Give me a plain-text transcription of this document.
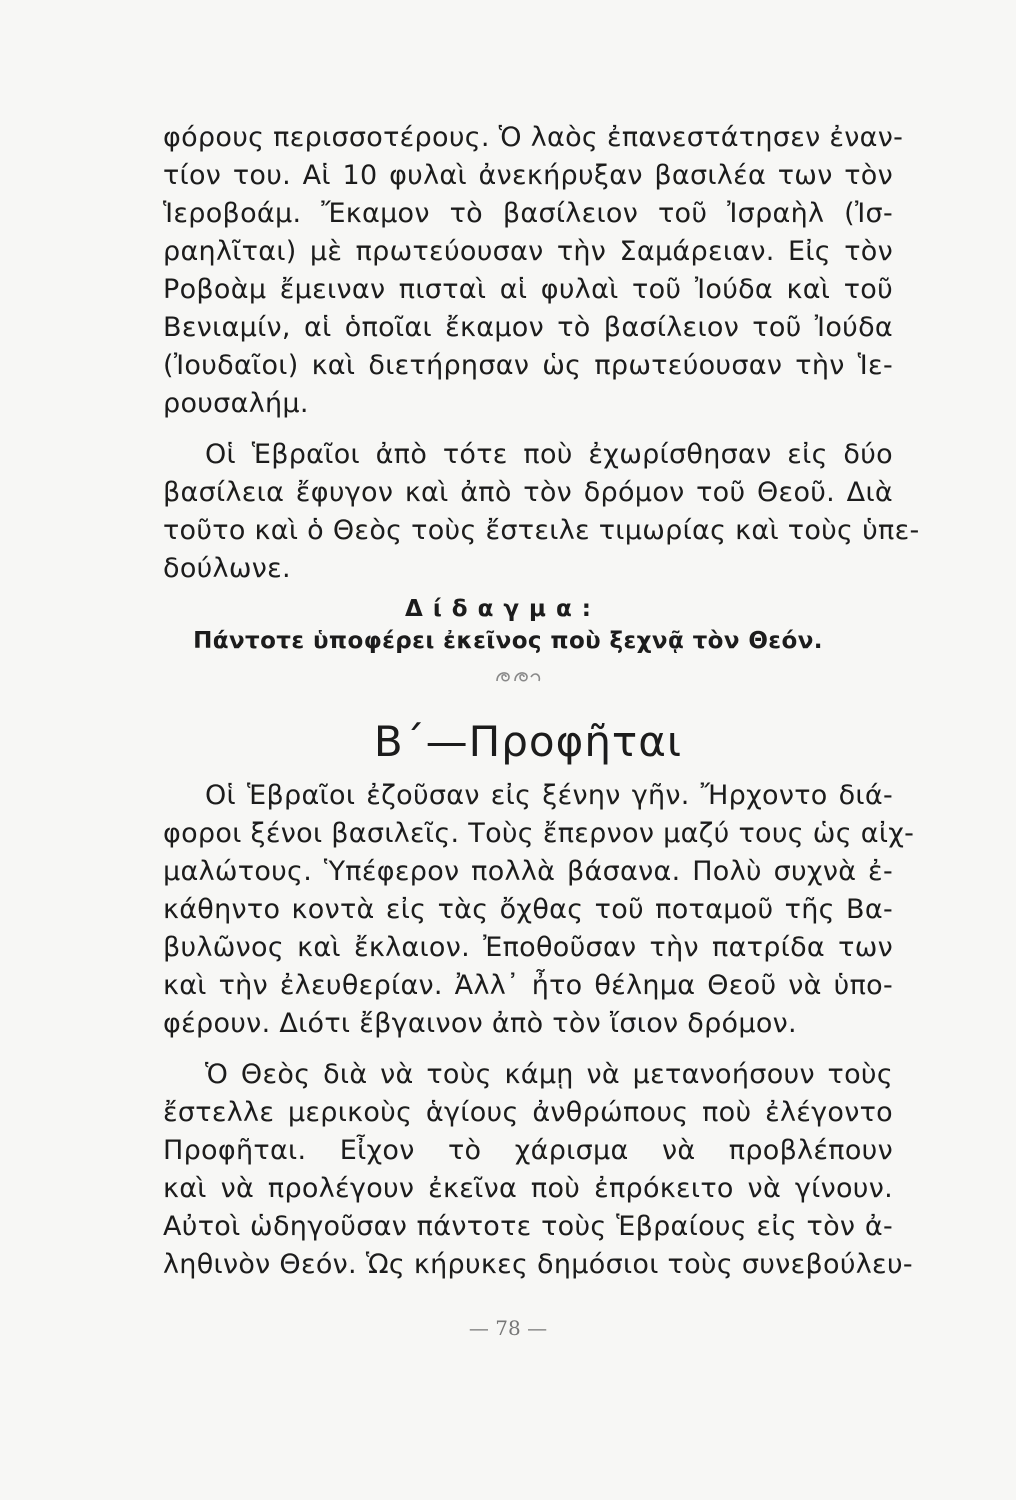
φόρους περισσοτέρους. Ὁ λαὸς ἐπανεστάτησεν ἐναν-
τίον του. Αἱ 10 φυλαὶ ἀνεκήρυξαν βασιλέα των τὸν
Ἱεροβοάμ. Ἔκαμον τὸ βασίλειον τοῦ Ἰσραὴλ (Ἰσ-
ραηλῖται) μὲ πρωτεύουσαν τὴν Σαμάρειαν. Εἰς τὸν
Ροβοὰμ ἔμειναν πισταὶ αἱ φυλαὶ τοῦ Ἰούδα καὶ τοῦ
Βενιαμίν, αἱ ὁποῖαι ἔκαμον τὸ βασίλειον τοῦ Ἰούδα
(Ἰουδαῖοι) καὶ διετήρησαν ὡς πρωτεύουσαν τὴν Ἱε-
ρουσαλήμ.
Οἱ Ἑβραῖοι ἀπὸ τότε ποὺ ἐχωρίσθησαν εἰς δύο
βασίλεια ἔφυγον καὶ ἀπὸ τὸν δρόμον τοῦ Θεοῦ. Διὰ
τοῦτο καὶ ὁ Θεὸς τοὺς ἔστειλε τιμωρίας καὶ τοὺς ὑπε-
δούλωνε.
Δίδαγμα:
Πάντοτε ὑποφέρει ἐκεῖνος ποὺ ξεχνᾷ τὸν Θεόν.
Β΄—Προφῆται
Οἱ Ἑβραῖοι ἐζοῦσαν εἰς ξένην γῆν. Ἤρχοντο διά-
φοροι ξένοι βασιλεῖς. Τοὺς ἔπερνον μαζύ τους ὡς αἰχ-
μαλώτους. Ὑπέφερον πολλὰ βάσανα. Πολὺ συχνὰ ἐ-
κάθηντο κοντὰ εἰς τὰς ὄχθας τοῦ ποταμοῦ τῆς Βα-
βυλῶνος καὶ ἔκλαιον. Ἐποθοῦσαν τὴν πατρίδα των
καὶ τὴν ἐλευθερίαν. Ἀλλ᾽ ἦτο θέλημα Θεοῦ νὰ ὑπο-
φέρουν. Διότι ἔβγαινον ἀπὸ τὸν ἴσιον δρόμον.
Ὁ Θεὸς διὰ νὰ τοὺς κάμῃ νὰ μετανοήσουν τοὺς
ἔστελλε μερικοὺς ἁγίους ἀνθρώπους ποὺ ἐλέγοντο
Προφῆται. Εἶχον τὸ χάρισμα νὰ προβλέπουν
καὶ νὰ προλέγουν ἐκεῖνα ποὺ ἐπρόκειτο νὰ γίνουν.
Αὐτοὶ ὡδηγοῦσαν πάντοτε τοὺς Ἑβραίους εἰς τὸν ἀ-
ληθινὸν Θεόν. Ὡς κήρυκες δημόσιοι τοὺς συνεβούλευ-
— 78 —
